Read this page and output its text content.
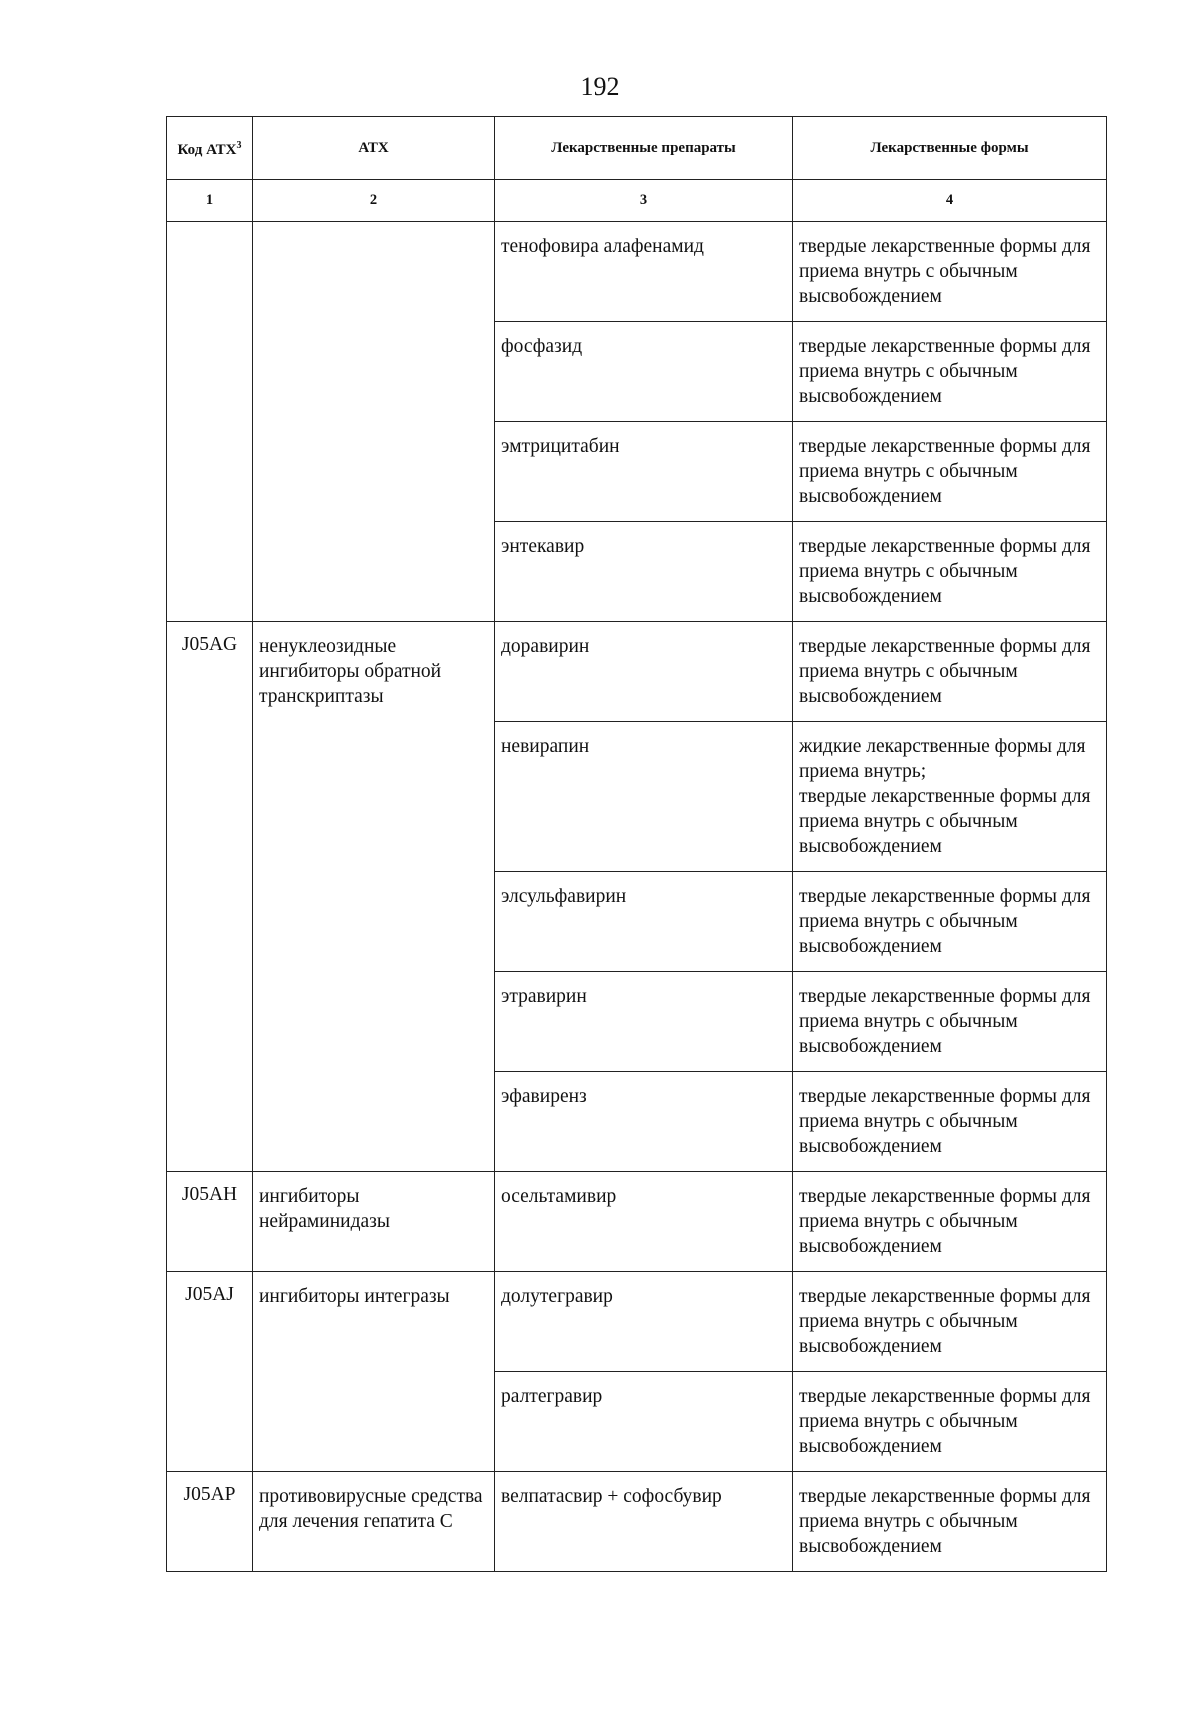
192
Код АТХ$^3$	АТХ	Лекарственные препараты	Лекарственные формы
1	2	3	4

		тенофовира алафенамид	твердые лекарственные формы для приема внутрь с обычным высвобождением

		фосфазид	твердые лекарственные формы для приема внутрь с обычным высвобождением

		эмтрицитабин	твердые лекарственные формы для приема внутрь с обычным высвобождением

		энтекавир	твердые лекарственные формы для приема внутрь с обычным высвобождением

J05AG	ненуклеозидные ингибиторы обратной транскриптазы	доравирин	твердые лекарственные формы для приема внутрь с обычным высвобождением

		невирапин	жидкие лекарственные формы для приема внутрь;
твердые лекарственные формы для приема внутрь с обычным высвобождением

		элсульфавирин	твердые лекарственные формы для приема внутрь с обычным высвобождением

		этравирин	твердые лекарственные формы для приема внутрь с обычным высвобождением

		эфавиренз	твердые лекарственные формы для приема внутрь с обычным высвобождением

J05AH	ингибиторы нейраминидазы	осельтамивир	твердые лекарственные формы для приема внутрь с обычным высвобождением

J05AJ	ингибиторы интегразы	долутегравир	твердые лекарственные формы для приема внутрь с обычным высвобождением

		ралтегравир	твердые лекарственные формы для приема внутрь с обычным высвобождением

J05AP	противовирусные средства для лечения гепатита С	велпатасвир + софосбувир	твердые лекарственные формы для приема внутрь с обычным высвобождением
